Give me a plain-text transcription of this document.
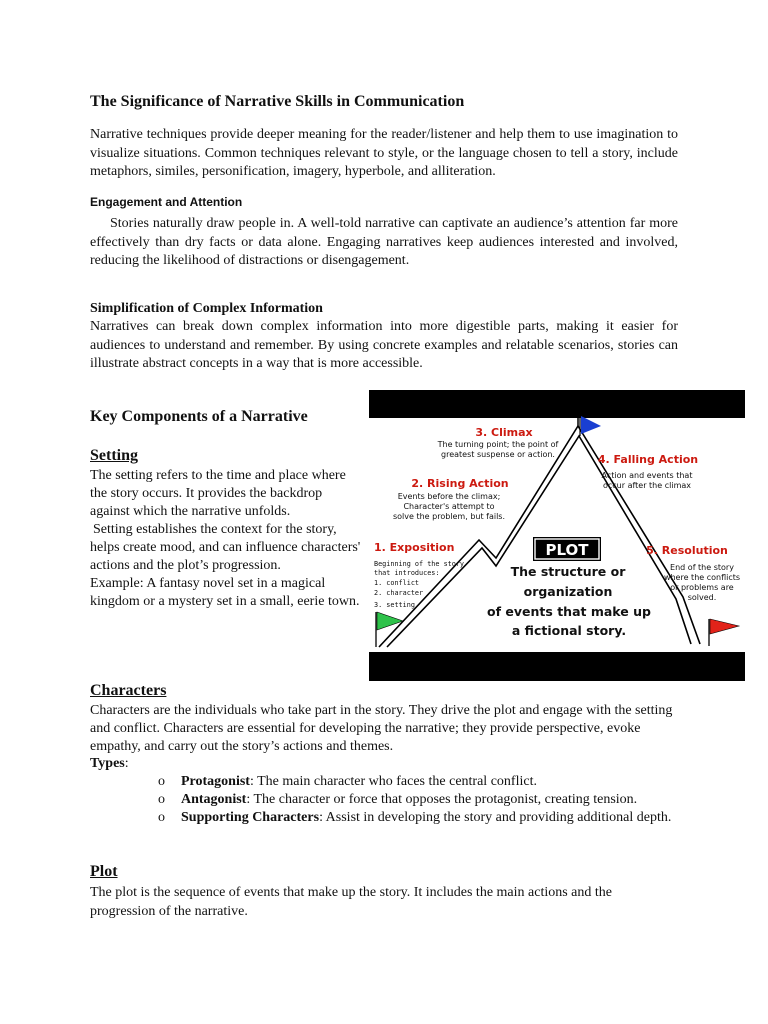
The Significance of Narrative Skills in Communication

Narrative techniques provide deeper meaning for the reader/listener and help them to use imagination to visualize situations. Common techniques relevant to style, or the language chosen to tell a story, include metaphors, similes, personification, imagery, hyperbole, and alliteration.

Engagement and Attention

Stories naturally draw people in. A well-told narrative can captivate an audience’s attention far more effectively than dry facts or data alone. Engaging narratives keep audiences interested and involved, reducing the likelihood of distractions or disengagement.

Simplification of Complex Information

Narratives can break down complex information into more digestible parts, making it easier for audiences to understand and remember. By using concrete examples and relatable scenarios, stories can illustrate abstract concepts in a way that is more accessible.

Key Components of a Narrative
Setting
The setting refers to the time and place where the story occurs. It provides the backdrop against which the narrative unfolds.
Setting establishes the context for the story, helps create mood, and can influence characters' actions and the plot’s progression.
Example: A fantasy novel set in a magical kingdom or a mystery set in a small, eerie town.
PLOT
The structure or
organization
of events that make up
a fictional story.
3. Climax
The turning point; the point of
greatest suspense or action.
2. Rising Action
Events before the climax;
Character's attempt to
solve the problem, but fails.
4. Falling Action
Action and events that
occur after the climax
1. Exposition
Beginning of the story
that introduces:
1. conflict
2. character
3. setting
5. Resolution
End of the story
where the conflicts
or problems are
solved.
Characters

Characters are the individuals who take part in the story. They drive the plot and engage with the setting and conflict. Characters are essential for developing the narrative; they provide perspective, evoke empathy, and carry out the story’s actions and themes.

Types:
o Protagonist: The main character who faces the central conflict.
o Antagonist: The character or force that opposes the protagonist, creating tension.
o Supporting Characters: Assist in developing the story and providing additional depth.
Plot

The plot is the sequence of events that make up the story. It includes the main actions and the progression of the narrative.
